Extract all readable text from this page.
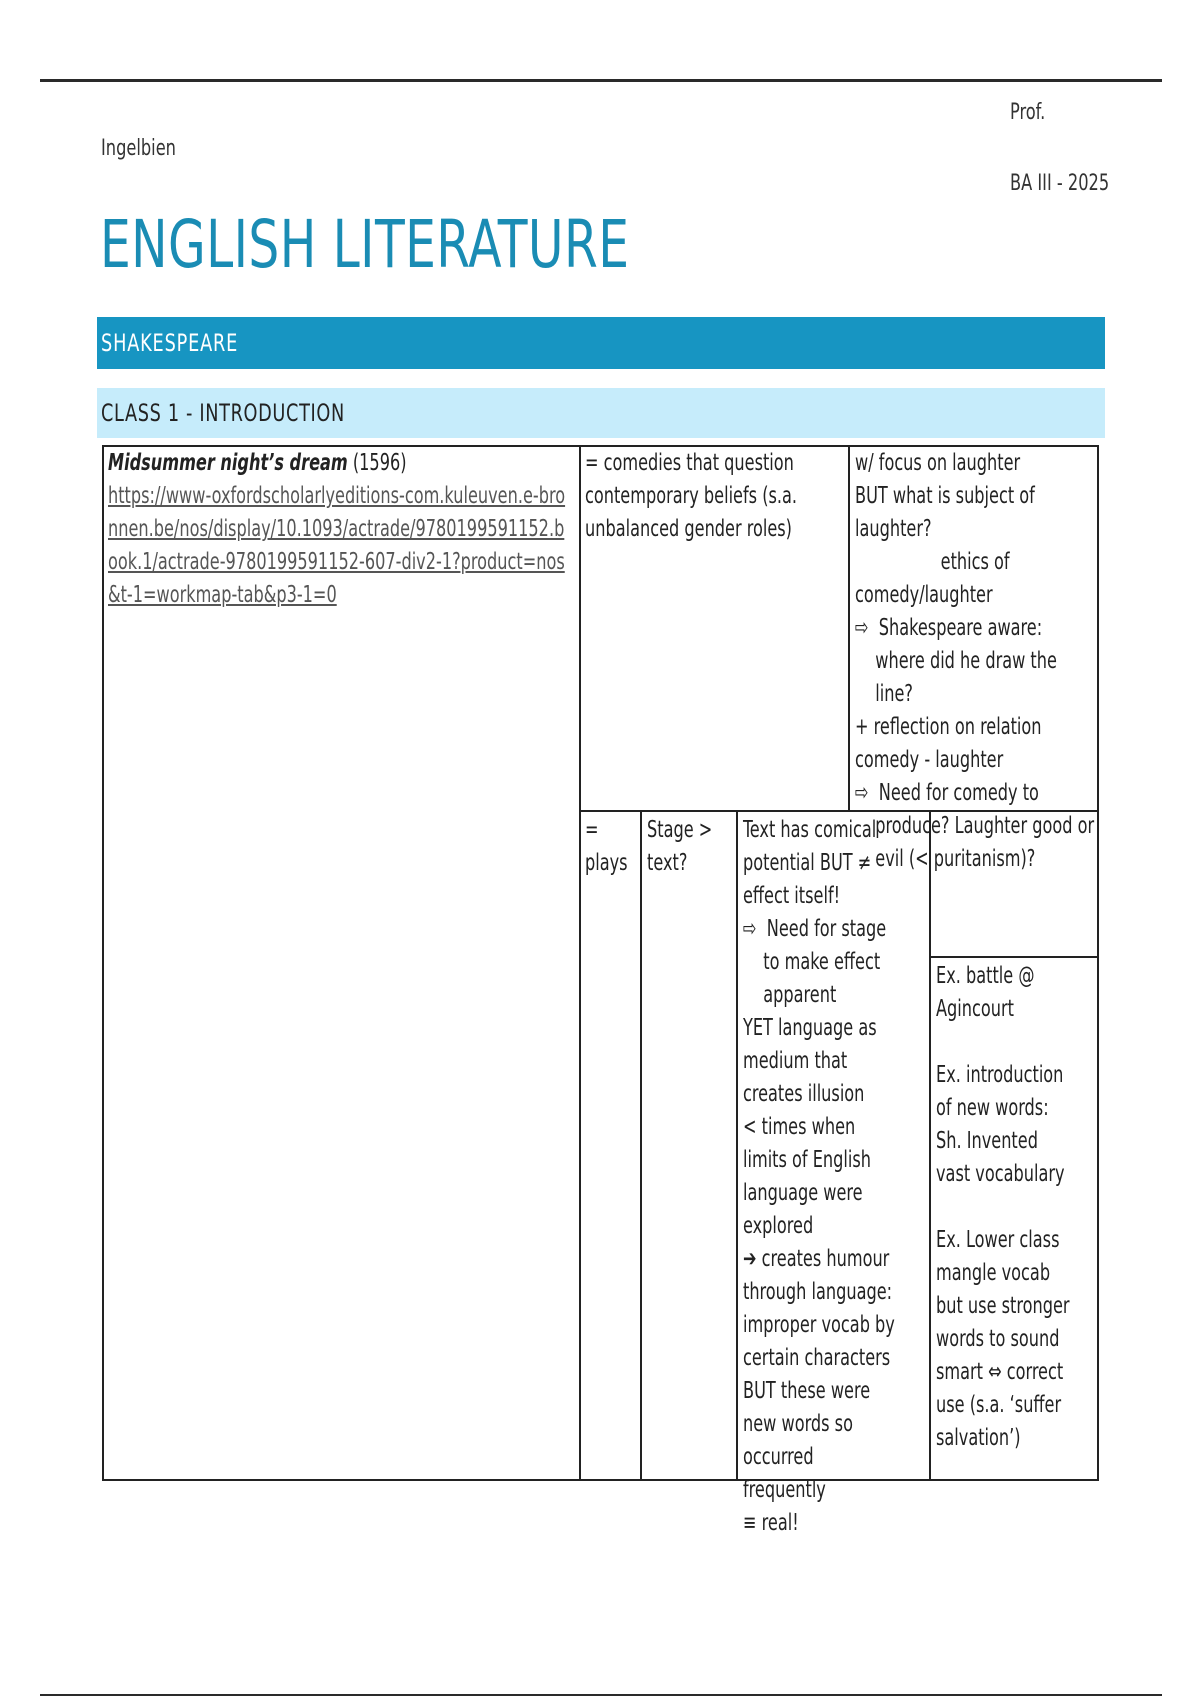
Prof.
Ingelbien
BA III - 2025
ENGLISH LITERATURE
SHAKESPEARE
CLASS 1 - INTRODUCTION

Midsummer night’s dream (1596)

https://www-oxfordscholarlyeditions-com.kuleuven.e-bronnen.be/nos/display/10.1093/actrade/9780199591152.book.1/actrade-9780199591152-607-div2-1?product=nos&t-1=workmap-tab&p3-1=0

= comedies that question contemporary beliefs (s.a. unbalanced gender roles)

w/ focus on laughter

BUT what is subject of laughter?

ethics of

comedy/laughter

⇨ Shakespeare aware: where did he draw the line?

+ reflection on relation comedy - laughter

⇨ Need for comedy to produce? Laughter good or evil (< puritanism)?

= plays

Stage > text?

Text has comical potential BUT ≠ effect itself!

⇨ Need for stage to make effect apparent

YET language as medium that creates illusion

< times when limits of English language were explored

➔ creates humour through language: improper vocab by certain characters

BUT these were new words so occurred frequently

≡ real!

Ex. battle @ Agincourt

Ex. introduction of new words: Sh. Invented vast vocabulary

Ex. Lower class mangle vocab but use stronger words to sound smart ⇔ correct use (s.a. ‘suffer salvation’)
